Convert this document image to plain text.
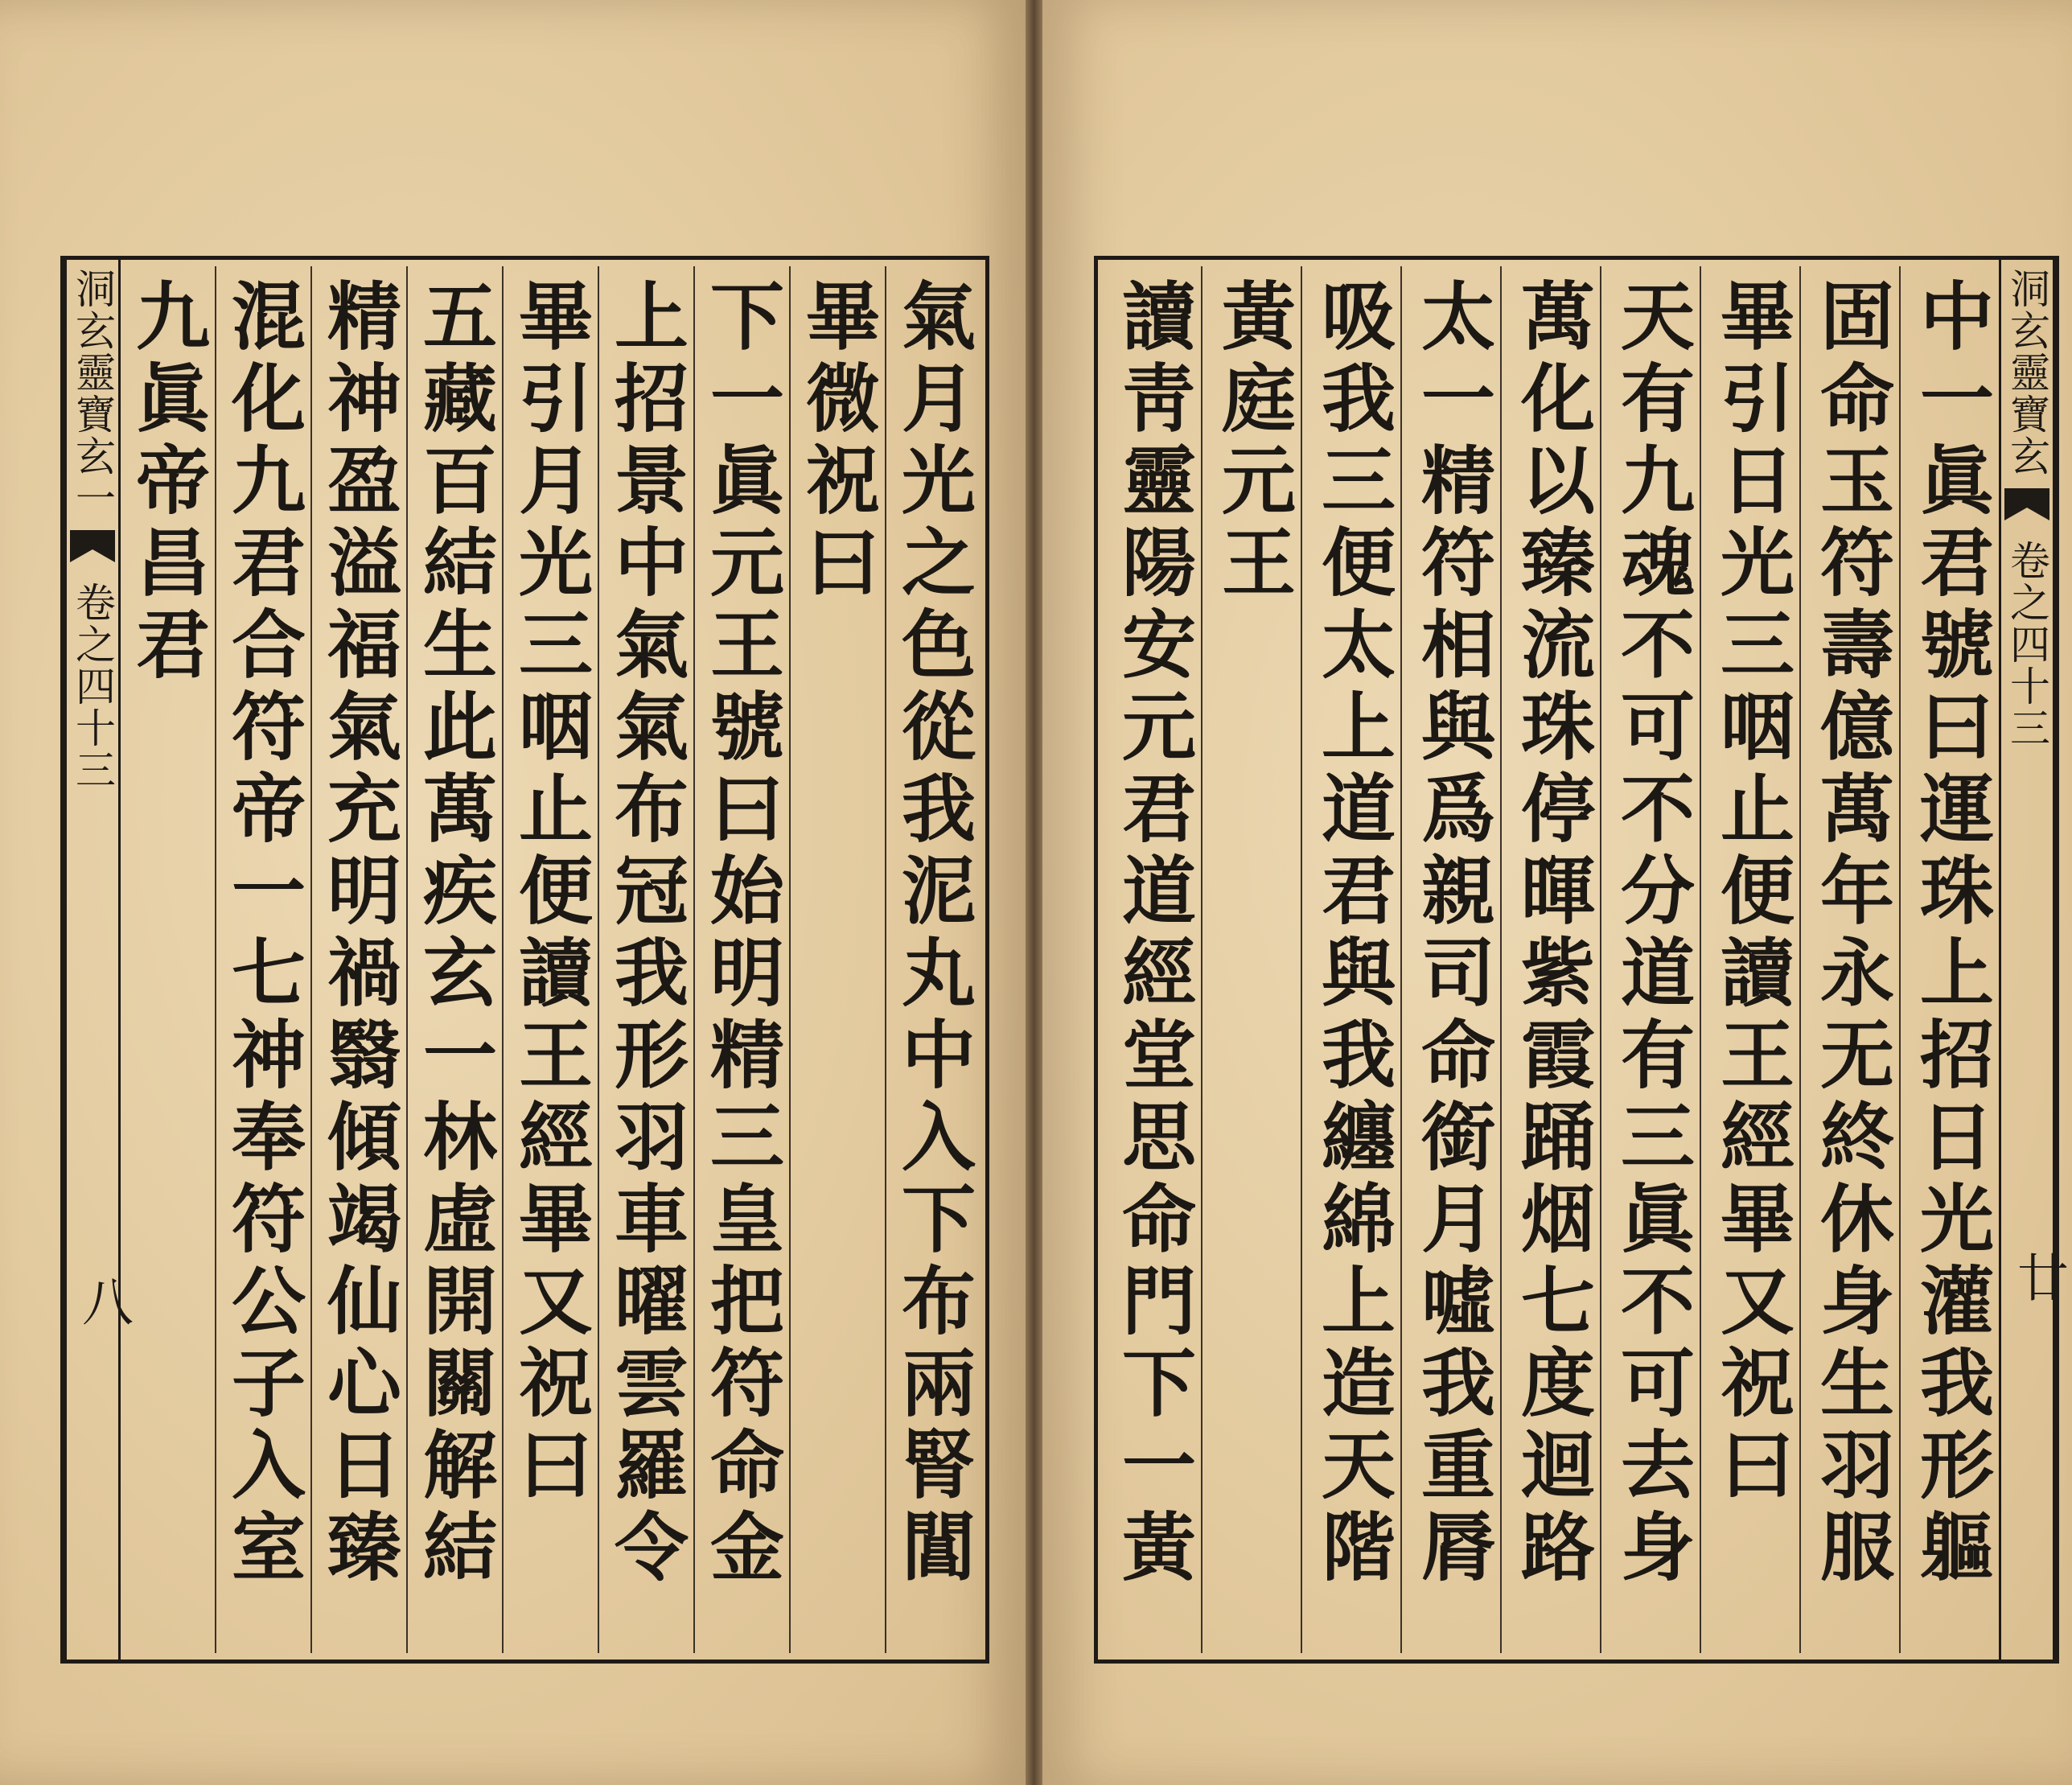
洞玄靈寶玄一
卷之四十三
氣月光之色從我泥丸中入下布兩腎閶
畢微祝曰
下一眞元王號曰始明精三皇把符命金
上招景中氣氣布冠我形羽車曜雲羅令
畢引月光三咽止便讀王經畢又祝曰
五藏百結生此萬疾玄一林虛開關解結
精神盈溢福氣充明禍翳傾竭仙心日臻
混化九君合符帝一七神奉符公子入室
九眞帝昌君
八
洞玄靈寶玄
卷之四十三
中一眞君號曰運珠上招日光灌我形軀
固命玉符壽億萬年永无終休身生羽服
畢引日光三咽止便讀王經畢又祝曰
天有九魂不可不分道有三眞不可去身
萬化以臻流珠停暉紫霞踊烟七度迴路
太一精符相與爲親司命銜月噓我重脣
吸我三便太上道君與我纏綿上造天階
黃庭元王
讀靑靈陽安元君道經堂思命門下一黃
廿
